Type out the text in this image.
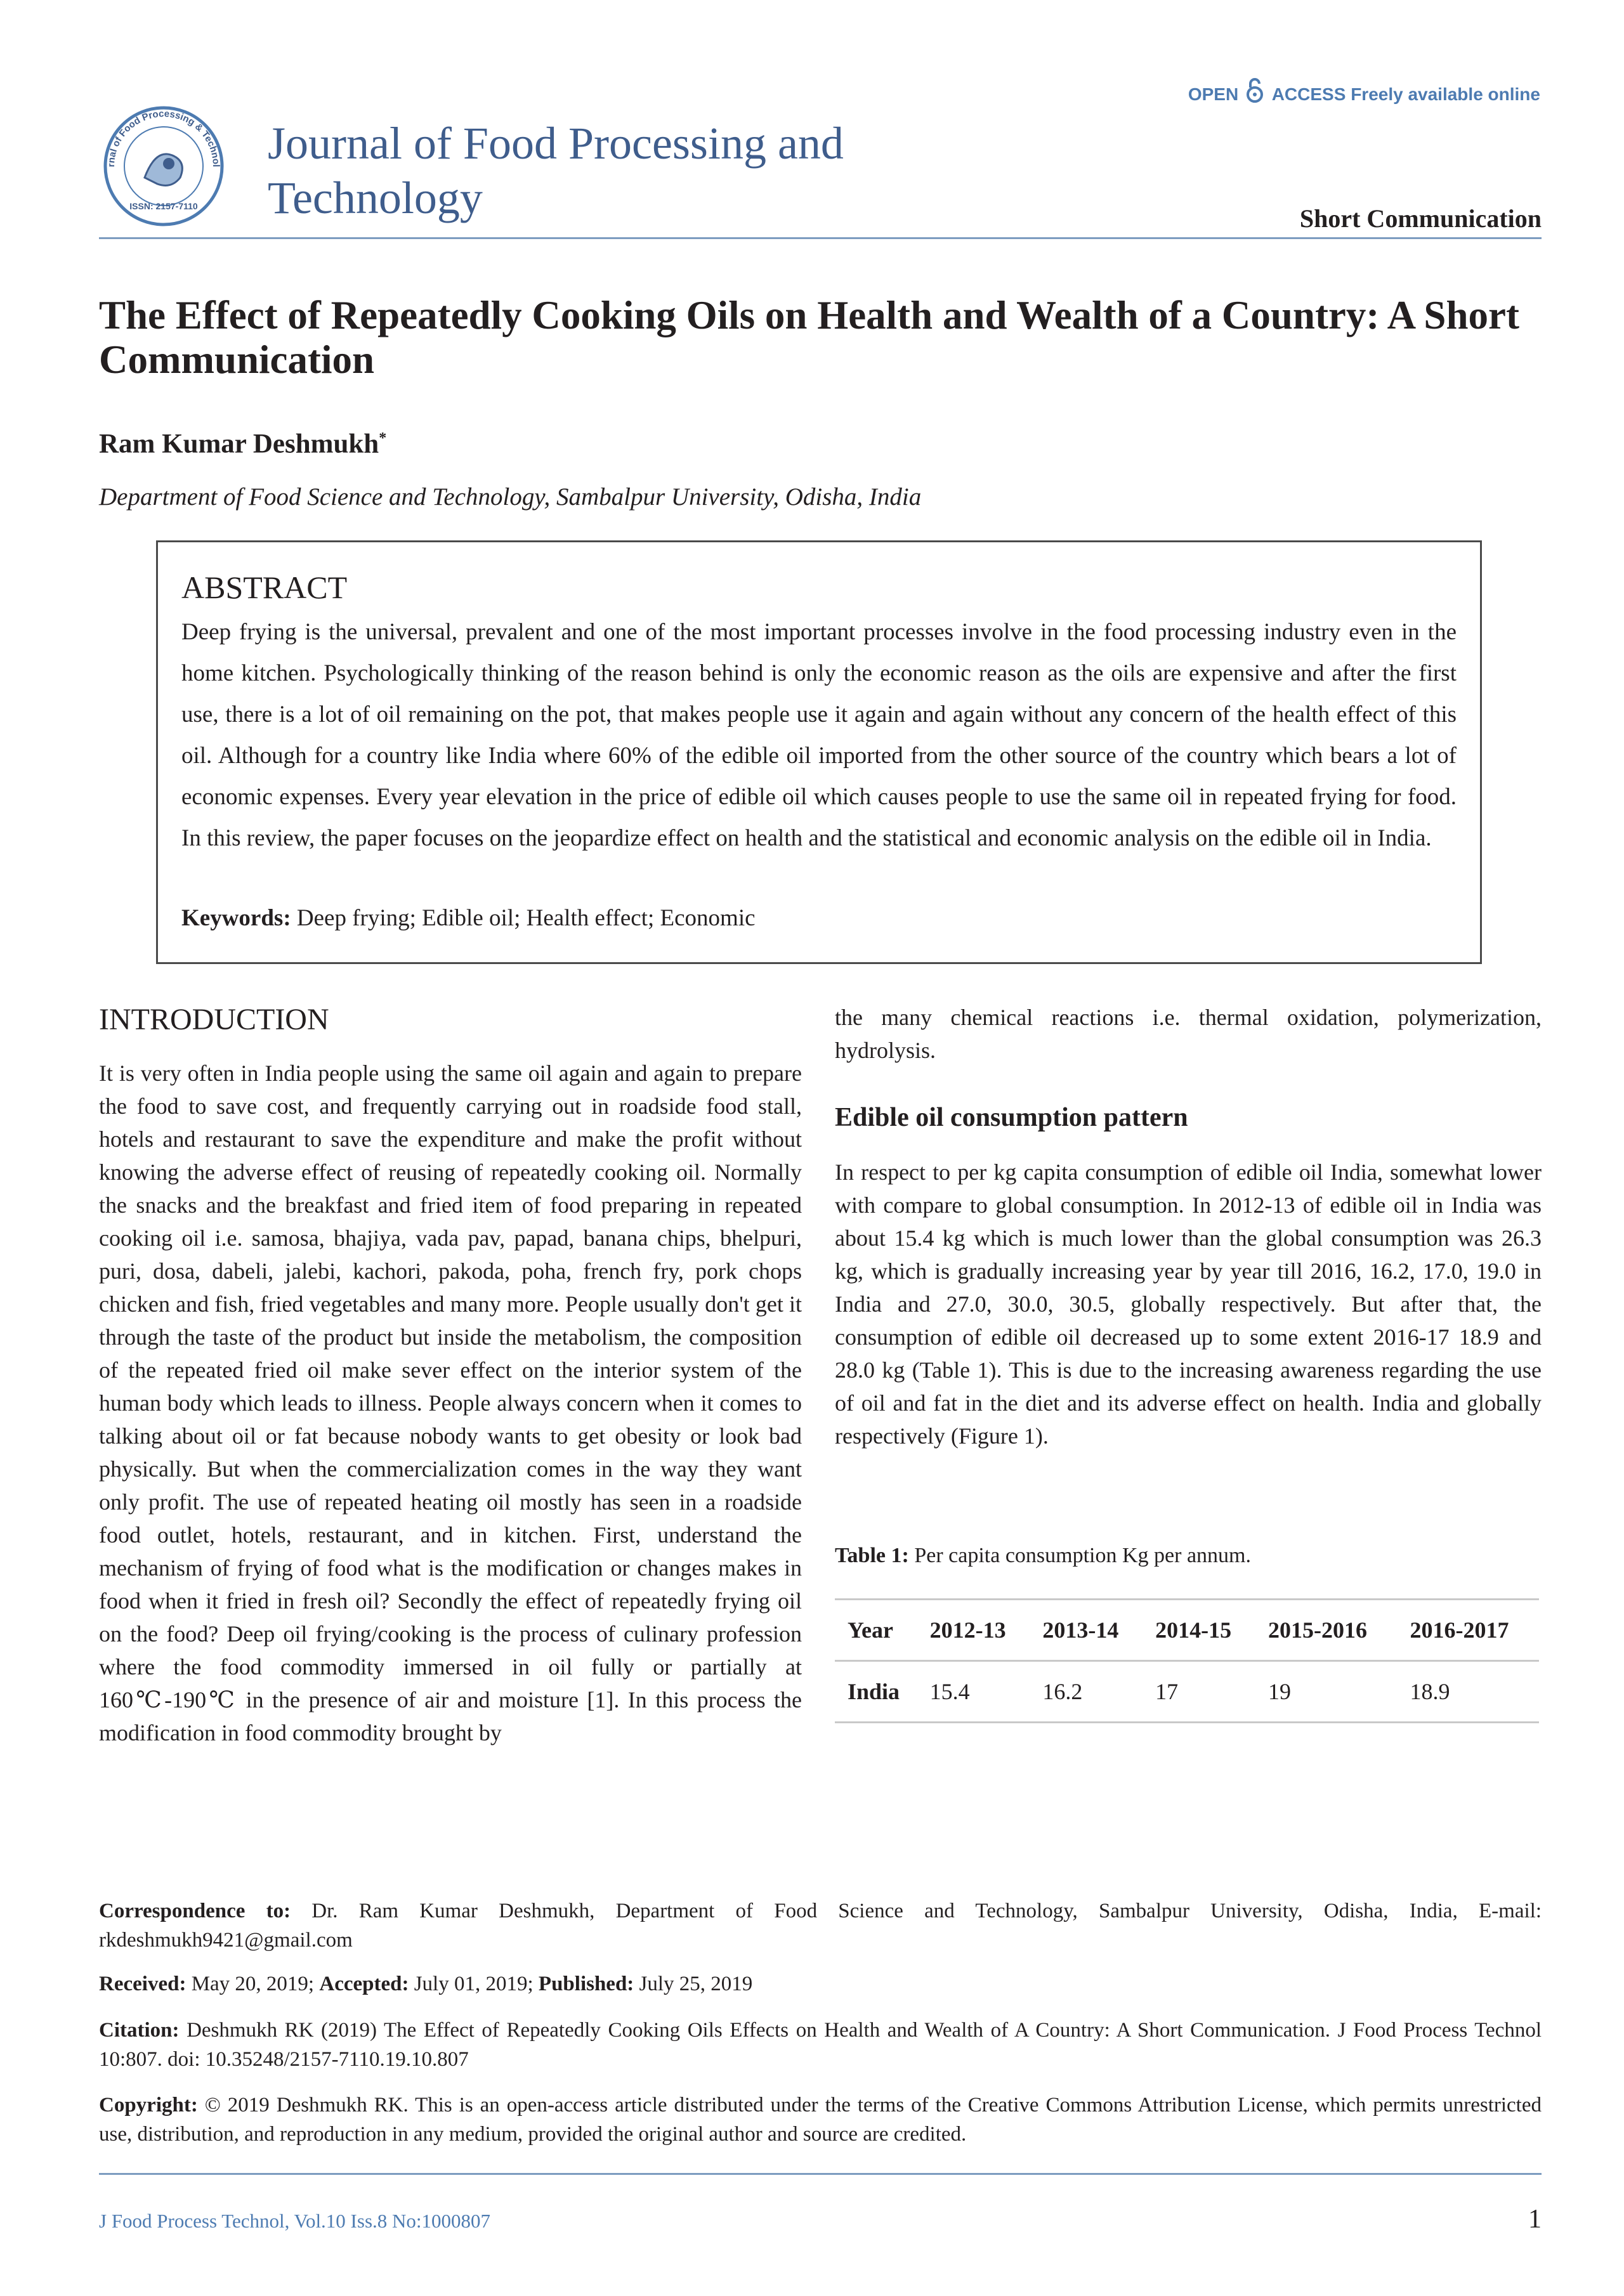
rnal of Food Processing & Technol
ISSN: 2157-7110
Journal of Food Processing and Technology
OPEN ACCESS Freely available online
Short Communication
The Effect of Repeatedly Cooking Oils on Health and Wealth of a Country: A Short Communication
Ram Kumar Deshmukh*
Department of Food Science and Technology, Sambalpur University, Odisha, India
ABSTRACT
Deep frying is the universal, prevalent and one of the most important processes involve in the food processing industry even in the home kitchen. Psychologically thinking of the reason behind is only the economic reason as the oils are expensive and after the first use, there is a lot of oil remaining on the pot, that makes people use it again and again without any concern of the health effect of this oil. Although for a country like India where 60% of the edible oil imported from the other source of the country which bears a lot of economic expenses. Every year elevation in the price of edible oil which causes people to use the same oil in repeated frying for food. In this review, the paper focuses on the jeopardize effect on health and the statistical and economic analysis on the edible oil in India.
Keywords: Deep frying; Edible oil; Health effect; Economic
INTRODUCTION
It is very often in India people using the same oil again and again to prepare the food to save cost, and frequently carrying out in roadside food stall, hotels and restaurant to save the expenditure and make the profit without knowing the adverse effect of reusing of repeatedly cooking oil. Normally the snacks and the breakfast and fried item of food preparing in repeated cooking oil i.e. samosa, bhajiya, vada pav, papad, banana chips, bhelpuri, puri, dosa, dabeli, jalebi, kachori, pakoda, poha, french fry, pork chops chicken and fish, fried vegetables and many more. People usually don't get it through the taste of the product but inside the metabolism, the composition of the repeated fried oil make sever effect on the interior system of the human body which leads to illness. People always concern when it comes to talking about oil or fat because nobody wants to get obesity or look bad physically. But when the commercialization comes in the way they want only profit. The use of repeated heating oil mostly has seen in a roadside food outlet, hotels, restaurant, and in kitchen. First, understand the mechanism of frying of food what is the modification or changes makes in food when it fried in fresh oil? Secondly the effect of repeatedly frying oil on the food? Deep oil frying/cooking is the process of culinary profession where the food commodity immersed in oil fully or partially at 160℃-190℃ in the presence of air and moisture [1]. In this process the modification in food commodity brought by
the many chemical reactions i.e. thermal oxidation, polymerization, hydrolysis.
Edible oil consumption pattern
In respect to per kg capita consumption of edible oil India, somewhat lower with compare to global consumption. In 2012-13 of edible oil in India was about 15.4 kg which is much lower than the global consumption was 26.3 kg, which is gradually increasing year by year till 2016, 16.2, 17.0, 19.0 in India and 27.0, 30.0, 30.5, globally respectively. But after that, the consumption of edible oil decreased up to some extent 2016-17 18.9 and 28.0 kg (Table 1). This is due to the increasing awareness regarding the use of oil and fat in the diet and its adverse effect on health. India and globally respectively (Figure 1).
Table 1: Per capita consumption Kg per annum.
Year	2012-13	2013-14	2014-15	2015-2016	2016-2017
India	15.4	16.2	17	19	18.9
Correspondence to: Dr. Ram Kumar Deshmukh, Department of Food Science and Technology, Sambalpur University, Odisha, India, E-mail: rkdeshmukh9421@gmail.com
Received: May 20, 2019; Accepted: July 01, 2019; Published: July 25, 2019
Citation: Deshmukh RK (2019) The Effect of Repeatedly Cooking Oils Effects on Health and Wealth of A Country: A Short Communication. J Food Process Technol 10:807. doi: 10.35248/2157-7110.19.10.807
Copyright: © 2019 Deshmukh RK. This is an open-access article distributed under the terms of the Creative Commons Attribution License, which permits unrestricted use, distribution, and reproduction in any medium, provided the original author and source are credited.
J Food Process Technol, Vol.10 Iss.8 No:1000807	1
